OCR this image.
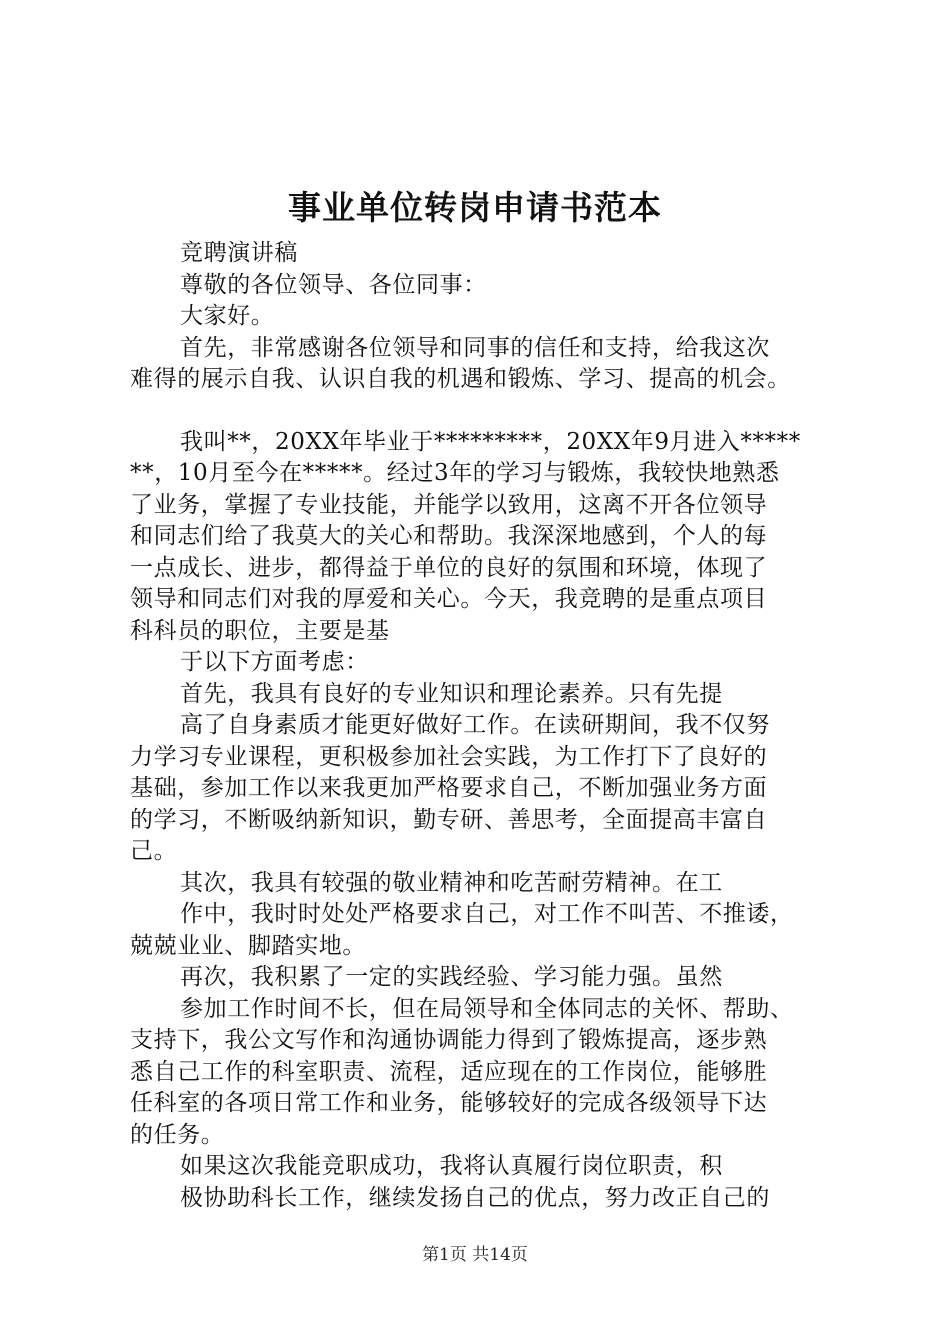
事业单位转岗申请书范本
竞聘演讲稿
尊敬的各位领导、各位同事：
大家好。
首先，非常感谢各位领导和同事的信任和支持，给我这次
难得的展示自我、认识自我的机遇和锻炼、学习、提高的机会。
我叫**，20XX年毕业于*********，20XX年9月进入*****
**，10月至今在*****。经过3年的学习与锻炼，我较快地熟悉
了业务，掌握了专业技能，并能学以致用，这离不开各位领导
和同志们给了我莫大的关心和帮助。我深深地感到，个人的每
一点成长、进步，都得益于单位的良好的氛围和环境，体现了
领导和同志们对我的厚爱和关心。今天，我竞聘的是重点项目
科科员的职位，主要是基
于以下方面考虑：
首先，我具有良好的专业知识和理论素养。只有先提
高了自身素质才能更好做好工作。在读研期间，我不仅努
力学习专业课程，更积极参加社会实践，为工作打下了良好的
基础，参加工作以来我更加严格要求自己，不断加强业务方面
的学习，不断吸纳新知识，勤专研、善思考，全面提高丰富自
己。
其次，我具有较强的敬业精神和吃苦耐劳精神。在工
作中，我时时处处严格要求自己，对工作不叫苦、不推诿，
兢兢业业、脚踏实地。
再次，我积累了一定的实践经验、学习能力强。虽然
参加工作时间不长，但在局领导和全体同志的关怀、帮助、
支持下，我公文写作和沟通协调能力得到了锻炼提高，逐步熟
悉自己工作的科室职责、流程，适应现在的工作岗位，能够胜
任科室的各项日常工作和业务，能够较好的完成各级领导下达
的任务。
如果这次我能竞职成功，我将认真履行岗位职责，积
极协助科长工作，继续发扬自己的优点，努力改正自己的
第1页 共14页
